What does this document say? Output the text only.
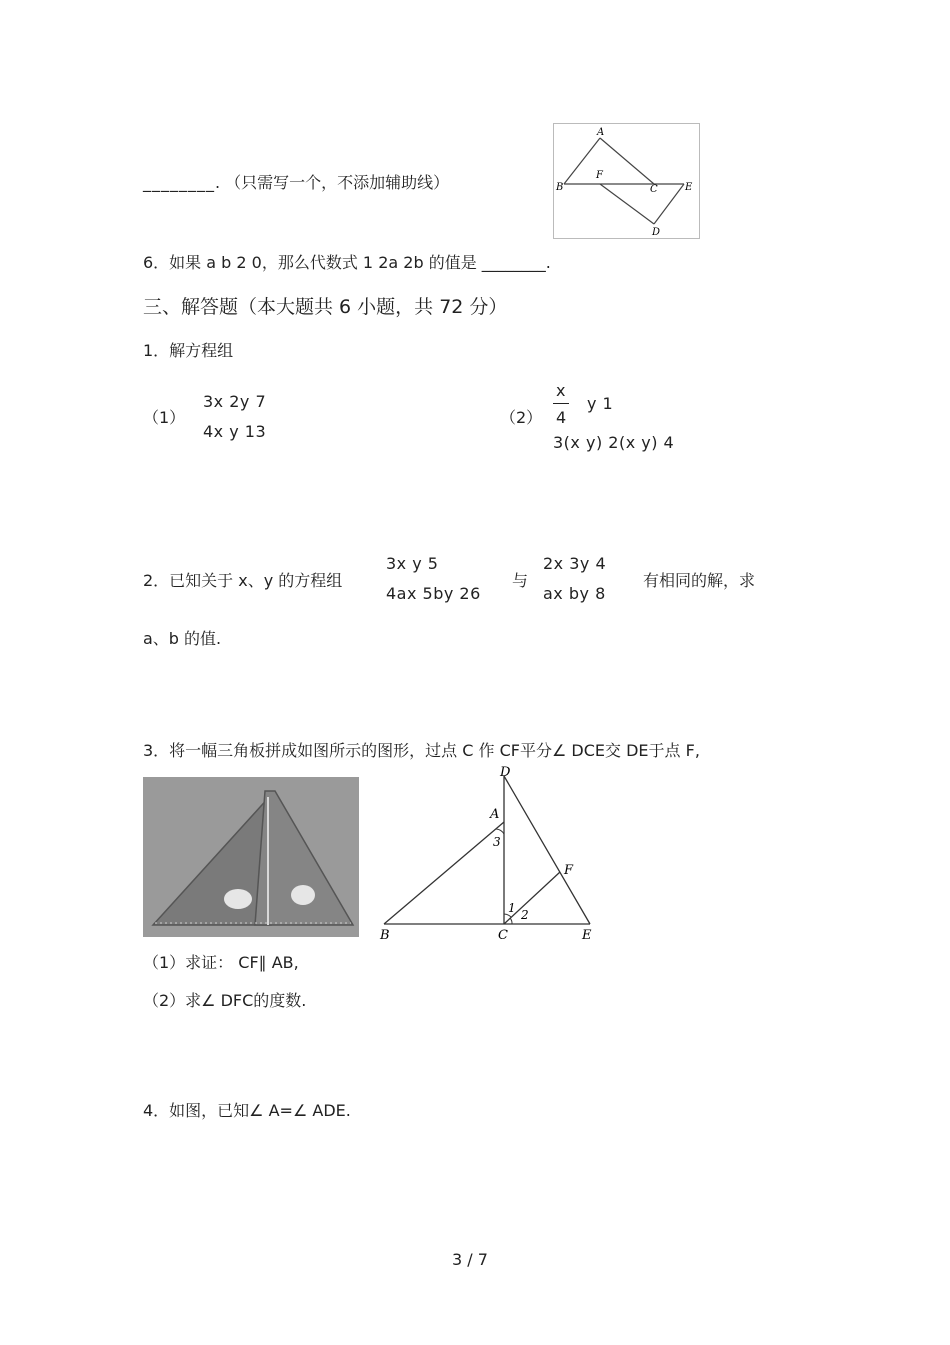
________. （只需写一个，不添加辅助线）
A
B
F
C	E
D
6．如果 a b 2 0，那么代数式 1 2a 2b 的值是 ________.
三、解答题（本大题共 6 小题，共 72 分）
1．解方程组
（1）
3x 2y 7
4x y 13
（2）
x
4
y 1
3(x y) 2(x y) 4
2．已知关于 x、y 的方程组
3x y 5
4ax 5by 26
与
2x 3y 4
ax by 8
有相同的解，求
a、b 的值.
3．将一幅三角板拼成如图所示的图形，过点 C 作 CF平分∠ DCE交 DE于点 F,
D
A
3
F
1 2
B	C	E
（1）求证： CF∥ AB,
（2）求∠ DFC的度数.
4．如图，已知∠ A=∠ ADE.
3 / 7
